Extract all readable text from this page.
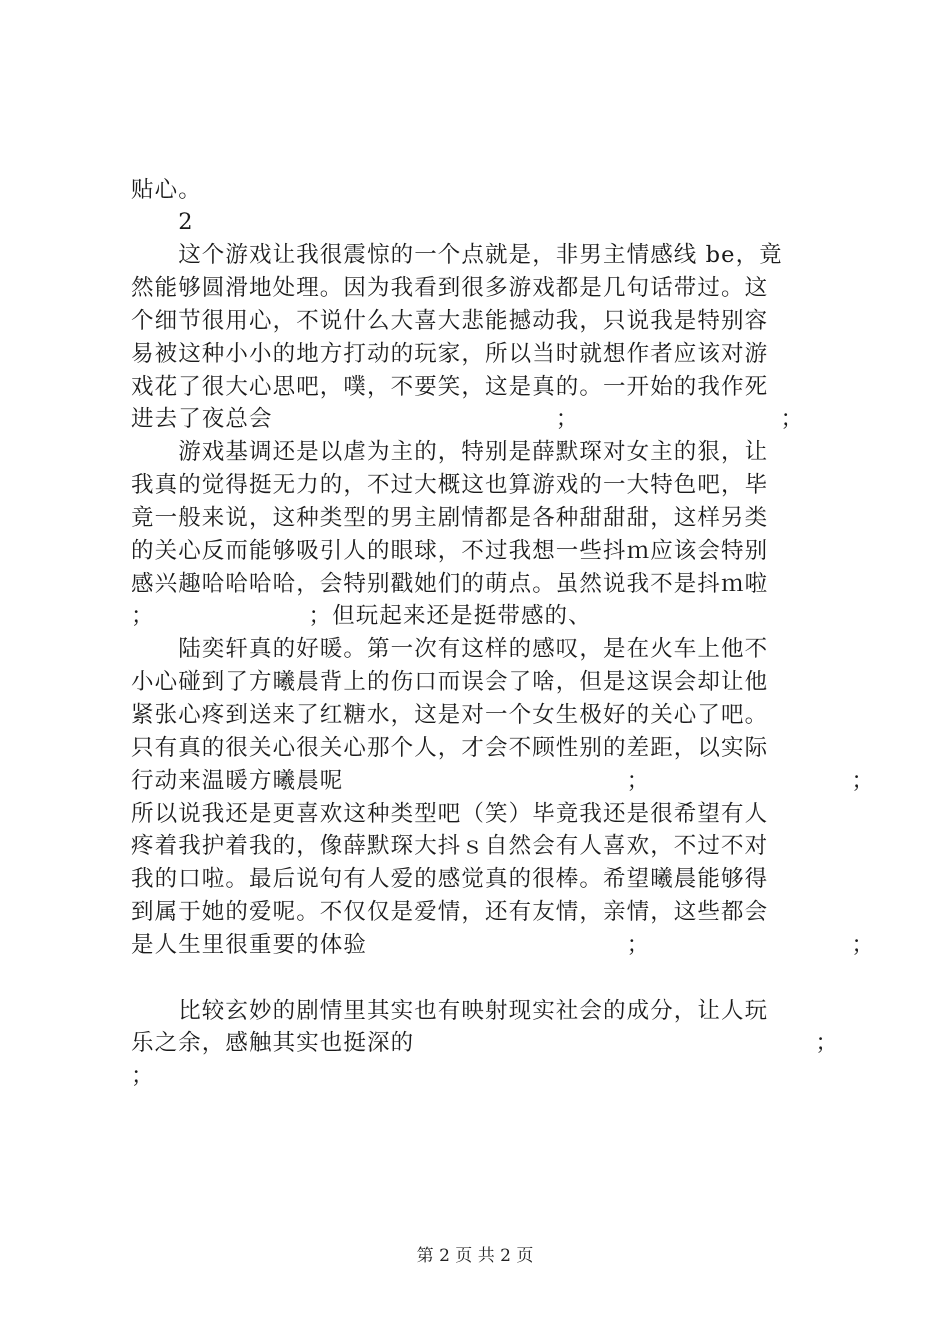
贴心。
　　2
　　这个游戏让我很震惊的一个点就是，非男主情感线 be，竟
然能够圆滑地处理。因为我看到很多游戏都是几句话带过。这
个细节很用心，不说什么大喜大悲能撼动我，只说我是特别容
易被这种小小的地方打动的玩家，所以当时就想作者应该对游
戏花了很大心思吧，噗，不要笑，这是真的。一开始的我作死
进去了夜总会　　　　　　　　　　　　；　　　　　　　　　；
　　游戏基调还是以虐为主的，特别是薛默琛对女主的狠，让
我真的觉得挺无力的，不过大概这也算游戏的一大特色吧，毕
竟一般来说，这种类型的男主剧情都是各种甜甜甜，这样另类
的关心反而能够吸引人的眼球，不过我想一些抖ｍ应该会特别
感兴趣哈哈哈哈，会特别戳她们的萌点。虽然说我不是抖ｍ啦
；　　　　　　　；但玩起来还是挺带感的、
　　陆奕轩真的好暖。第一次有这样的感叹，是在火车上他不
小心碰到了方曦晨背上的伤口而误会了啥，但是这误会却让他
紧张心疼到送来了红糖水，这是对一个女生极好的关心了吧。
只有真的很关心很关心那个人，才会不顾性别的差距，以实际
行动来温暖方曦晨呢　　　　　　　　　　　　；　　　　　　　　　；
所以说我还是更喜欢这种类型吧（笑）毕竟我还是很希望有人
疼着我护着我的，像薛默琛大抖ｓ自然会有人喜欢，不过不对
我的口啦。最后说句有人爱的感觉真的很棒。希望曦晨能够得
到属于她的爱呢。不仅仅是爱情，还有友情，亲情，这些都会
是人生里很重要的体验　　　　　　　　　　　；　　　　　　　　　；
　　比较玄妙的剧情里其实也有映射现实社会的成分，让人玩
乐之余，感触其实也挺深的　　　　　　　　　　　　　　　　　；
；
第 2 页 共 2 页
